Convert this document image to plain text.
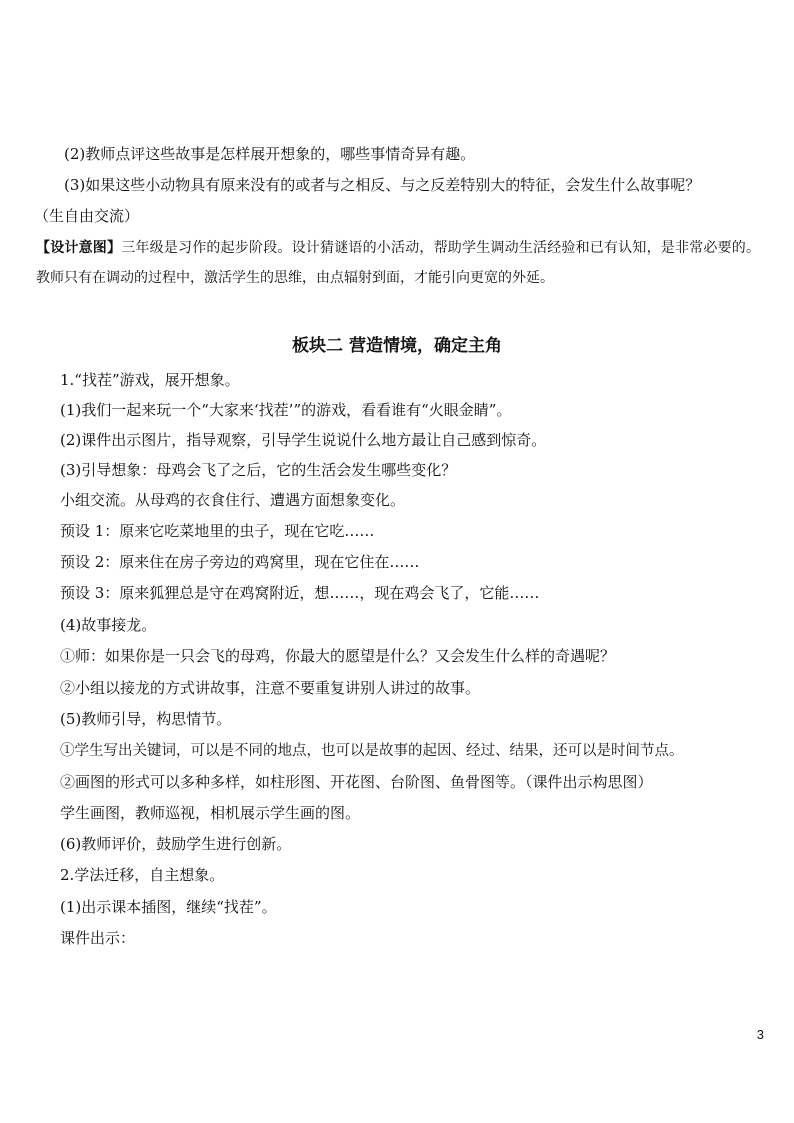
(2)教师点评这些故事是怎样展开想象的，哪些事情奇异有趣。
(3)如果这些小动物具有原来没有的或者与之相反、与之反差特别大的特征，会发生什么故事呢？
（生自由交流）
【设计意图】三年级是习作的起步阶段。设计猜谜语的小活动，帮助学生调动生活经验和已有认知，是非常必要的。教师只有在调动的过程中，激活学生的思维，由点辐射到面，才能引向更宽的外延。
板块二 营造情境，确定主角
1.“找茬”游戏，展开想象。
(1)我们一起来玩一个“大家来‘找茬’”的游戏，看看谁有“火眼金睛”。
(2)课件出示图片，指导观察，引导学生说说什么地方最让自己感到惊奇。
(3)引导想象：母鸡会飞了之后，它的生活会发生哪些变化？
小组交流。从母鸡的衣食住行、遭遇方面想象变化。
预设 1：原来它吃菜地里的虫子，现在它吃……
预设 2：原来住在房子旁边的鸡窝里，现在它住在……
预设 3：原来狐狸总是守在鸡窝附近，想……，现在鸡会飞了，它能……
(4)故事接龙。
①师：如果你是一只会飞的母鸡，你最大的愿望是什么？又会发生什么样的奇遇呢？
②小组以接龙的方式讲故事，注意不要重复讲别人讲过的故事。
(5)教师引导，构思情节。
①学生写出关键词，可以是不同的地点，也可以是故事的起因、经过、结果，还可以是时间节点。
②画图的形式可以多种多样，如柱形图、开花图、台阶图、鱼骨图等。（课件出示构思图）
学生画图，教师巡视，相机展示学生画的图。
(6)教师评价，鼓励学生进行创新。
2.学法迁移，自主想象。
(1)出示课本插图，继续“找茬”。
课件出示：
3
